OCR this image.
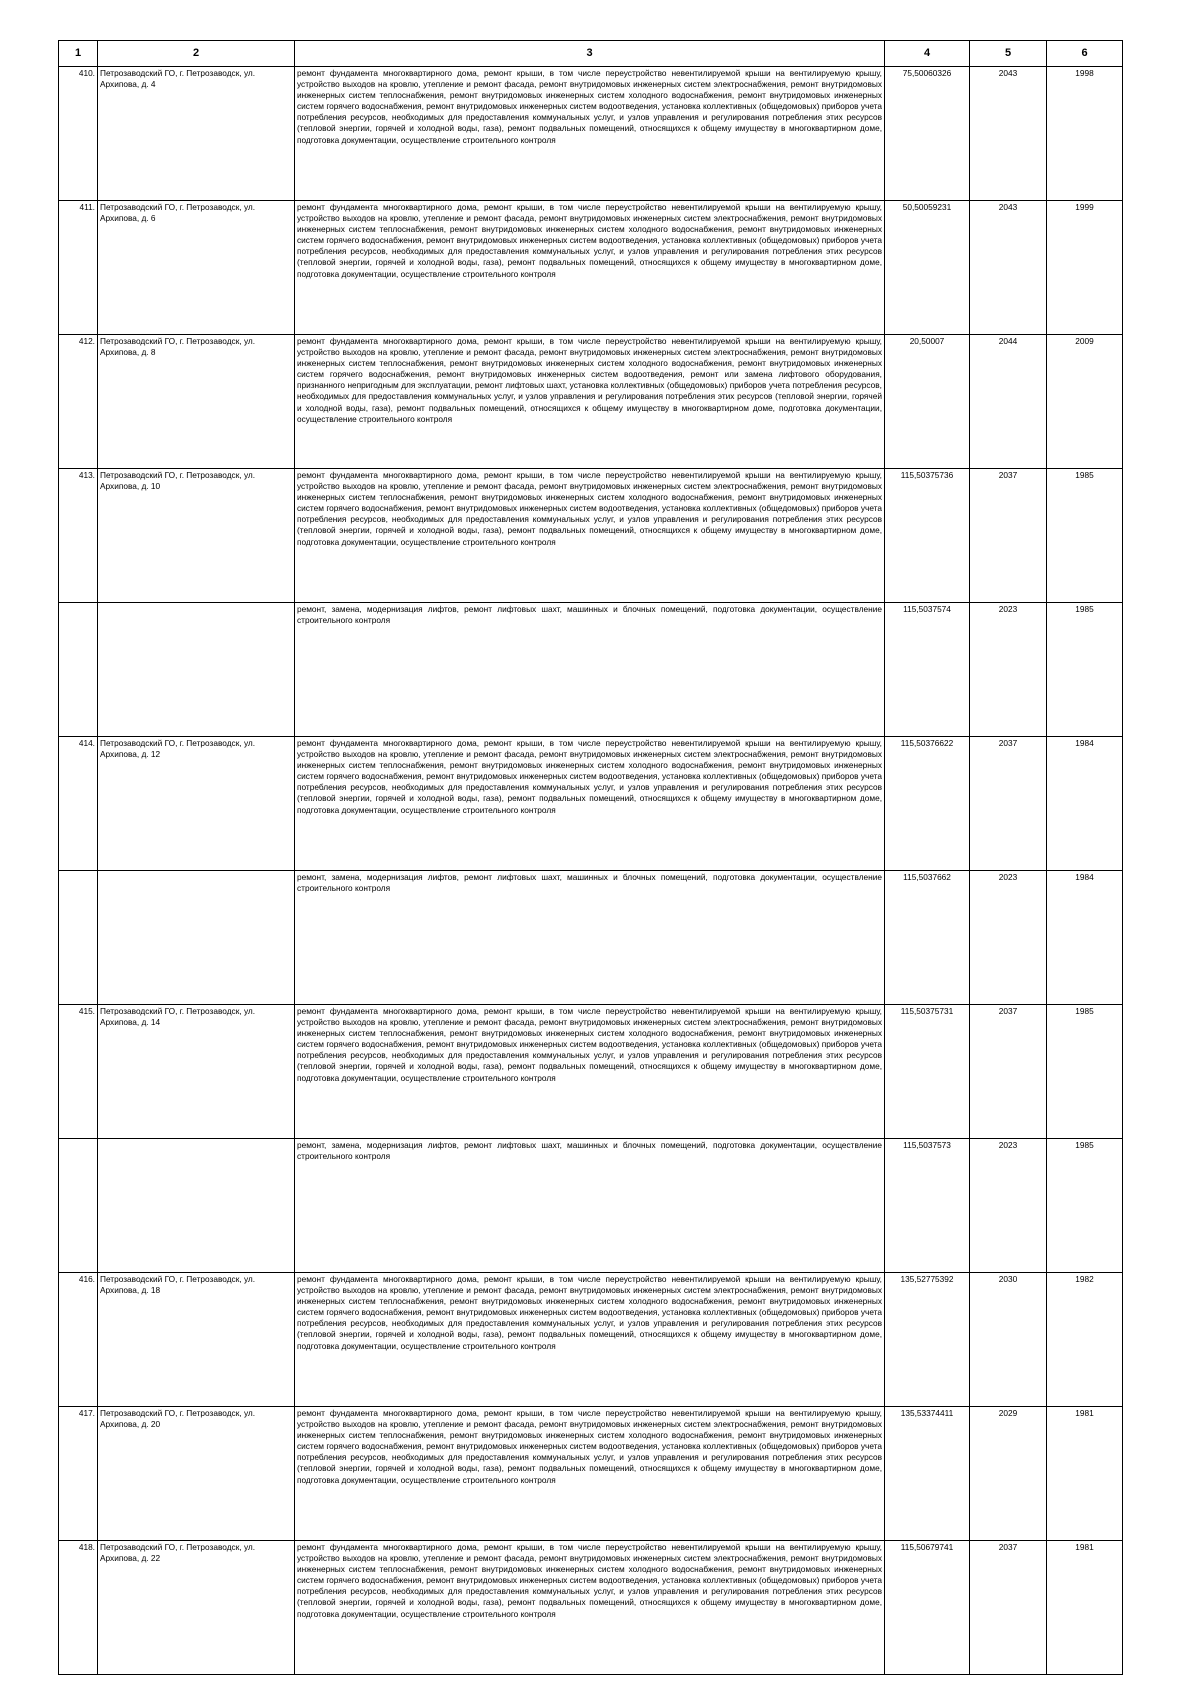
1	2	3	4	5	6
410.	Петрозаводский ГО, г. Петрозаводск, ул. Архипова, д. 4	ремонт фундамента многоквартирного дома, ремонт крыши, в том числе переустройство невентилируемой крыши на вентилируемую крышу, устройство выходов на кровлю, утепление и ремонт фасада, ремонт внутридомовых инженерных систем электроснабжения, ремонт внутридомовых инженерных систем теплоснабжения, ремонт внутридомовых инженерных систем холодного водоснабжения, ремонт внутридомовых инженерных систем горячего водоснабжения, ремонт внутридомовых инженерных систем водоотведения, установка коллективных (общедомовых) приборов учета потребления ресурсов, необходимых для предоставления коммунальных услуг, и узлов управления и регулирования потребления этих ресурсов (тепловой энергии, горячей и холодной воды, газа), ремонт подвальных помещений, относящихся к общему имуществу в многоквартирном доме, подготовка документации, осуществление строительного контроля	75,50060326	2043	1998
411.	Петрозаводский ГО, г. Петрозаводск, ул. Архипова, д. 6	ремонт фундамента многоквартирного дома, ремонт крыши, в том числе переустройство невентилируемой крыши на вентилируемую крышу, устройство выходов на кровлю, утепление и ремонт фасада, ремонт внутридомовых инженерных систем электроснабжения, ремонт внутридомовых инженерных систем теплоснабжения, ремонт внутридомовых инженерных систем холодного водоснабжения, ремонт внутридомовых инженерных систем горячего водоснабжения, ремонт внутридомовых инженерных систем водоотведения, установка коллективных (общедомовых) приборов учета потребления ресурсов, необходимых для предоставления коммунальных услуг, и узлов управления и регулирования потребления этих ресурсов (тепловой энергии, горячей и холодной воды, газа), ремонт подвальных помещений, относящихся к общему имуществу в многоквартирном доме, подготовка документации, осуществление строительного контроля	50,50059231	2043	1999
412.	Петрозаводский ГО, г. Петрозаводск, ул. Архипова, д. 8	ремонт фундамента многоквартирного дома, ремонт крыши, в том числе переустройство невентилируемой крыши на вентилируемую крышу, устройство выходов на кровлю, утепление и ремонт фасада, ремонт внутридомовых инженерных систем электроснабжения, ремонт внутридомовых инженерных систем теплоснабжения, ремонт внутридомовых инженерных систем холодного водоснабжения, ремонт внутридомовых инженерных систем горячего водоснабжения, ремонт внутридомовых инженерных систем водоотведения, ремонт или замена лифтового оборудования, признанного непригодным для эксплуатации, ремонт лифтовых шахт, установка коллективных (общедомовых) приборов учета потребления ресурсов, необходимых для предоставления коммунальных услуг, и узлов управления и регулирования потребления этих ресурсов (тепловой энергии, горячей и холодной воды, газа), ремонт подвальных помещений, относящихся к общему имуществу в многоквартирном доме, подготовка документации, осуществление строительного контроля	20,50007	2044	2009
413.	Петрозаводский ГО, г. Петрозаводск, ул. Архипова, д. 10	ремонт фундамента многоквартирного дома, ремонт крыши, в том числе переустройство невентилируемой крыши на вентилируемую крышу, устройство выходов на кровлю, утепление и ремонт фасада, ремонт внутридомовых инженерных систем электроснабжения, ремонт внутридомовых инженерных систем теплоснабжения, ремонт внутридомовых инженерных систем холодного водоснабжения, ремонт внутридомовых инженерных систем горячего водоснабжения, ремонт внутридомовых инженерных систем водоотведения, установка коллективных (общедомовых) приборов учета потребления ресурсов, необходимых для предоставления коммунальных услуг, и узлов управления и регулирования потребления этих ресурсов (тепловой энергии, горячей и холодной воды, газа), ремонт подвальных помещений, относящихся к общему имуществу в многоквартирном доме, подготовка документации, осуществление строительного контроля	115,50375736	2037	1985
		ремонт, замена, модернизация лифтов, ремонт лифтовых шахт, машинных и блочных помещений, подготовка документации, осуществление строительного контроля	115,5037574	2023	1985
414.	Петрозаводский ГО, г. Петрозаводск, ул. Архипова, д. 12	ремонт фундамента многоквартирного дома, ремонт крыши, в том числе переустройство невентилируемой крыши на вентилируемую крышу, устройство выходов на кровлю, утепление и ремонт фасада, ремонт внутридомовых инженерных систем электроснабжения, ремонт внутридомовых инженерных систем теплоснабжения, ремонт внутридомовых инженерных систем холодного водоснабжения, ремонт внутридомовых инженерных систем горячего водоснабжения, ремонт внутридомовых инженерных систем водоотведения, установка коллективных (общедомовых) приборов учета потребления ресурсов, необходимых для предоставления коммунальных услуг, и узлов управления и регулирования потребления этих ресурсов (тепловой энергии, горячей и холодной воды, газа), ремонт подвальных помещений, относящихся к общему имуществу в многоквартирном доме, подготовка документации, осуществление строительного контроля	115,50376622	2037	1984
		ремонт, замена, модернизация лифтов, ремонт лифтовых шахт, машинных и блочных помещений, подготовка документации, осуществление строительного контроля	115,5037662	2023	1984
415.	Петрозаводский ГО, г. Петрозаводск, ул. Архипова, д. 14	ремонт фундамента многоквартирного дома, ремонт крыши, в том числе переустройство невентилируемой крыши на вентилируемую крышу, устройство выходов на кровлю, утепление и ремонт фасада, ремонт внутридомовых инженерных систем электроснабжения, ремонт внутридомовых инженерных систем теплоснабжения, ремонт внутридомовых инженерных систем холодного водоснабжения, ремонт внутридомовых инженерных систем горячего водоснабжения, ремонт внутридомовых инженерных систем водоотведения, установка коллективных (общедомовых) приборов учета потребления ресурсов, необходимых для предоставления коммунальных услуг, и узлов управления и регулирования потребления этих ресурсов (тепловой энергии, горячей и холодной воды, газа), ремонт подвальных помещений, относящихся к общему имуществу в многоквартирном доме, подготовка документации, осуществление строительного контроля	115,50375731	2037	1985
		ремонт, замена, модернизация лифтов, ремонт лифтовых шахт, машинных и блочных помещений, подготовка документации, осуществление строительного контроля	115,5037573	2023	1985
416.	Петрозаводский ГО, г. Петрозаводск, ул. Архипова, д. 18	ремонт фундамента многоквартирного дома, ремонт крыши, в том числе переустройство невентилируемой крыши на вентилируемую крышу, устройство выходов на кровлю, утепление и ремонт фасада, ремонт внутридомовых инженерных систем электроснабжения, ремонт внутридомовых инженерных систем теплоснабжения, ремонт внутридомовых инженерных систем холодного водоснабжения, ремонт внутридомовых инженерных систем горячего водоснабжения, ремонт внутридомовых инженерных систем водоотведения, установка коллективных (общедомовых) приборов учета потребления ресурсов, необходимых для предоставления коммунальных услуг, и узлов управления и регулирования потребления этих ресурсов (тепловой энергии, горячей и холодной воды, газа), ремонт подвальных помещений, относящихся к общему имуществу в многоквартирном доме, подготовка документации, осуществление строительного контроля	135,52775392	2030	1982
417.	Петрозаводский ГО, г. Петрозаводск, ул. Архипова, д. 20	ремонт фундамента многоквартирного дома, ремонт крыши, в том числе переустройство невентилируемой крыши на вентилируемую крышу, устройство выходов на кровлю, утепление и ремонт фасада, ремонт внутридомовых инженерных систем электроснабжения, ремонт внутридомовых инженерных систем теплоснабжения, ремонт внутридомовых инженерных систем холодного водоснабжения, ремонт внутридомовых инженерных систем горячего водоснабжения, ремонт внутридомовых инженерных систем водоотведения, установка коллективных (общедомовых) приборов учета потребления ресурсов, необходимых для предоставления коммунальных услуг, и узлов управления и регулирования потребления этих ресурсов (тепловой энергии, горячей и холодной воды, газа), ремонт подвальных помещений, относящихся к общему имуществу в многоквартирном доме, подготовка документации, осуществление строительного контроля	135,53374411	2029	1981
418.	Петрозаводский ГО, г. Петрозаводск, ул. Архипова, д. 22	ремонт фундамента многоквартирного дома, ремонт крыши, в том числе переустройство невентилируемой крыши на вентилируемую крышу, устройство выходов на кровлю, утепление и ремонт фасада, ремонт внутридомовых инженерных систем электроснабжения, ремонт внутридомовых инженерных систем теплоснабжения, ремонт внутридомовых инженерных систем холодного водоснабжения, ремонт внутридомовых инженерных систем горячего водоснабжения, ремонт внутридомовых инженерных систем водоотведения, установка коллективных (общедомовых) приборов учета потребления ресурсов, необходимых для предоставления коммунальных услуг, и узлов управления и регулирования потребления этих ресурсов (тепловой энергии, горячей и холодной воды, газа), ремонт подвальных помещений, относящихся к общему имуществу в многоквартирном доме, подготовка документации, осуществление строительного контроля	115,50679741	2037	1981
